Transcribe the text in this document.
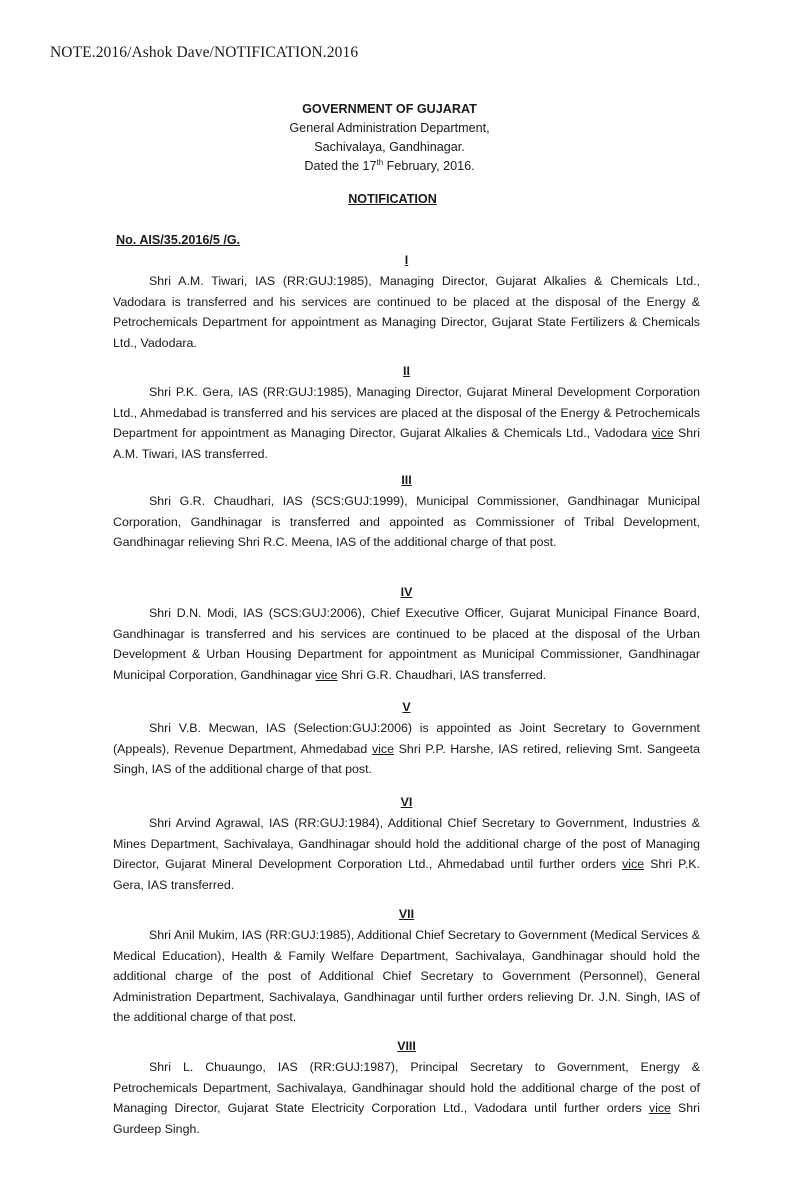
NOTE.2016/Ashok Dave/NOTIFICATION.2016
GOVERNMENT OF GUJARAT
General Administration Department,
Sachivalaya, Gandhinagar.
Dated the 17th February, 2016.
NOTIFICATION
No. AIS/35.2016/5 /G.
I

Shri A.M. Tiwari, IAS (RR:GUJ:1985), Managing Director, Gujarat Alkalies & Chemicals Ltd., Vadodara is transferred and his services are continued to be placed at the disposal of the Energy & Petrochemicals Department for appointment as Managing Director, Gujarat State Fertilizers & Chemicals Ltd., Vadodara.

II

Shri P.K. Gera, IAS (RR:GUJ:1985), Managing Director, Gujarat Mineral Development Corporation Ltd., Ahmedabad is transferred and his services are placed at the disposal of the Energy & Petrochemicals Department for appointment as Managing Director, Gujarat Alkalies & Chemicals Ltd., Vadodara vice Shri A.M. Tiwari, IAS transferred.

III

Shri G.R. Chaudhari, IAS (SCS:GUJ:1999), Municipal Commissioner, Gandhinagar Municipal Corporation, Gandhinagar is transferred and appointed as Commissioner of Tribal Development, Gandhinagar relieving Shri R.C. Meena, IAS of the additional charge of that post.

IV

Shri D.N. Modi, IAS (SCS:GUJ:2006), Chief Executive Officer, Gujarat Municipal Finance Board, Gandhinagar is transferred and his services are continued to be placed at the disposal of the Urban Development & Urban Housing Department for appointment as Municipal Commissioner, Gandhinagar Municipal Corporation, Gandhinagar vice Shri G.R. Chaudhari, IAS transferred.

V

Shri V.B. Mecwan, IAS (Selection:GUJ:2006) is appointed as Joint Secretary to Government (Appeals), Revenue Department, Ahmedabad vice Shri P.P. Harshe, IAS retired, relieving Smt. Sangeeta Singh, IAS of the additional charge of that post.

VI

Shri Arvind Agrawal, IAS (RR:GUJ:1984), Additional Chief Secretary to Government, Industries & Mines Department, Sachivalaya, Gandhinagar should hold the additional charge of the post of Managing Director, Gujarat Mineral Development Corporation Ltd., Ahmedabad until further orders vice Shri P.K. Gera, IAS transferred.

VII

Shri Anil Mukim, IAS (RR:GUJ:1985), Additional Chief Secretary to Government (Medical Services & Medical Education), Health & Family Welfare Department, Sachivalaya, Gandhinagar should hold the additional charge of the post of Additional Chief Secretary to Government (Personnel), General Administration Department, Sachivalaya, Gandhinagar until further orders relieving Dr. J.N. Singh, IAS of the additional charge of that post.

VIII

Shri L. Chuaungo, IAS (RR:GUJ:1987), Principal Secretary to Government, Energy & Petrochemicals Department, Sachivalaya, Gandhinagar should hold the additional charge of the post of Managing Director, Gujarat State Electricity Corporation Ltd., Vadodara until further orders vice Shri Gurdeep Singh.
